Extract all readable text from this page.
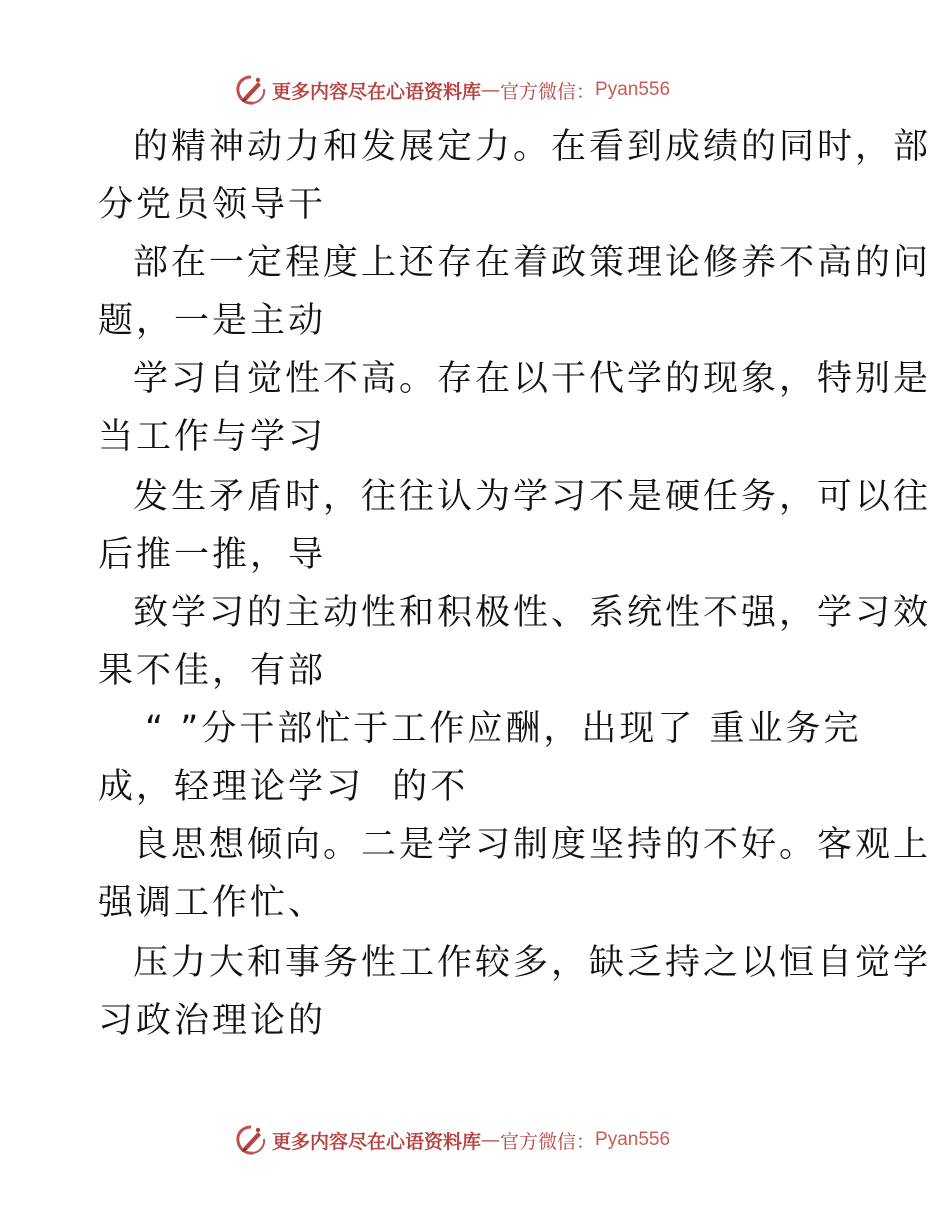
更多内容尽在心语资料库 — 官方微信： Pyan556
的精神动力和发展定力。在看到成绩的同时，部
分党员领导干
部在一定程度上还存在着政策理论修养不高的问
题，一是主动
学习自觉性不高。存在以干代学的现象，特别是
当工作与学习
发生矛盾时，往往认为学习不是硬任务，可以往
后推一推，导
致学习的主动性和积极性、系统性不强，学习效
果不佳，有部
“ ”分干部忙于工作应酬，出现了 重业务完
成，轻理论学习  的不
良思想倾向。二是学习制度坚持的不好。客观上
强调工作忙、
压力大和事务性工作较多，缺乏持之以恒自觉学
习政治理论的
更多内容尽在心语资料库 — 官方微信： Pyan556
